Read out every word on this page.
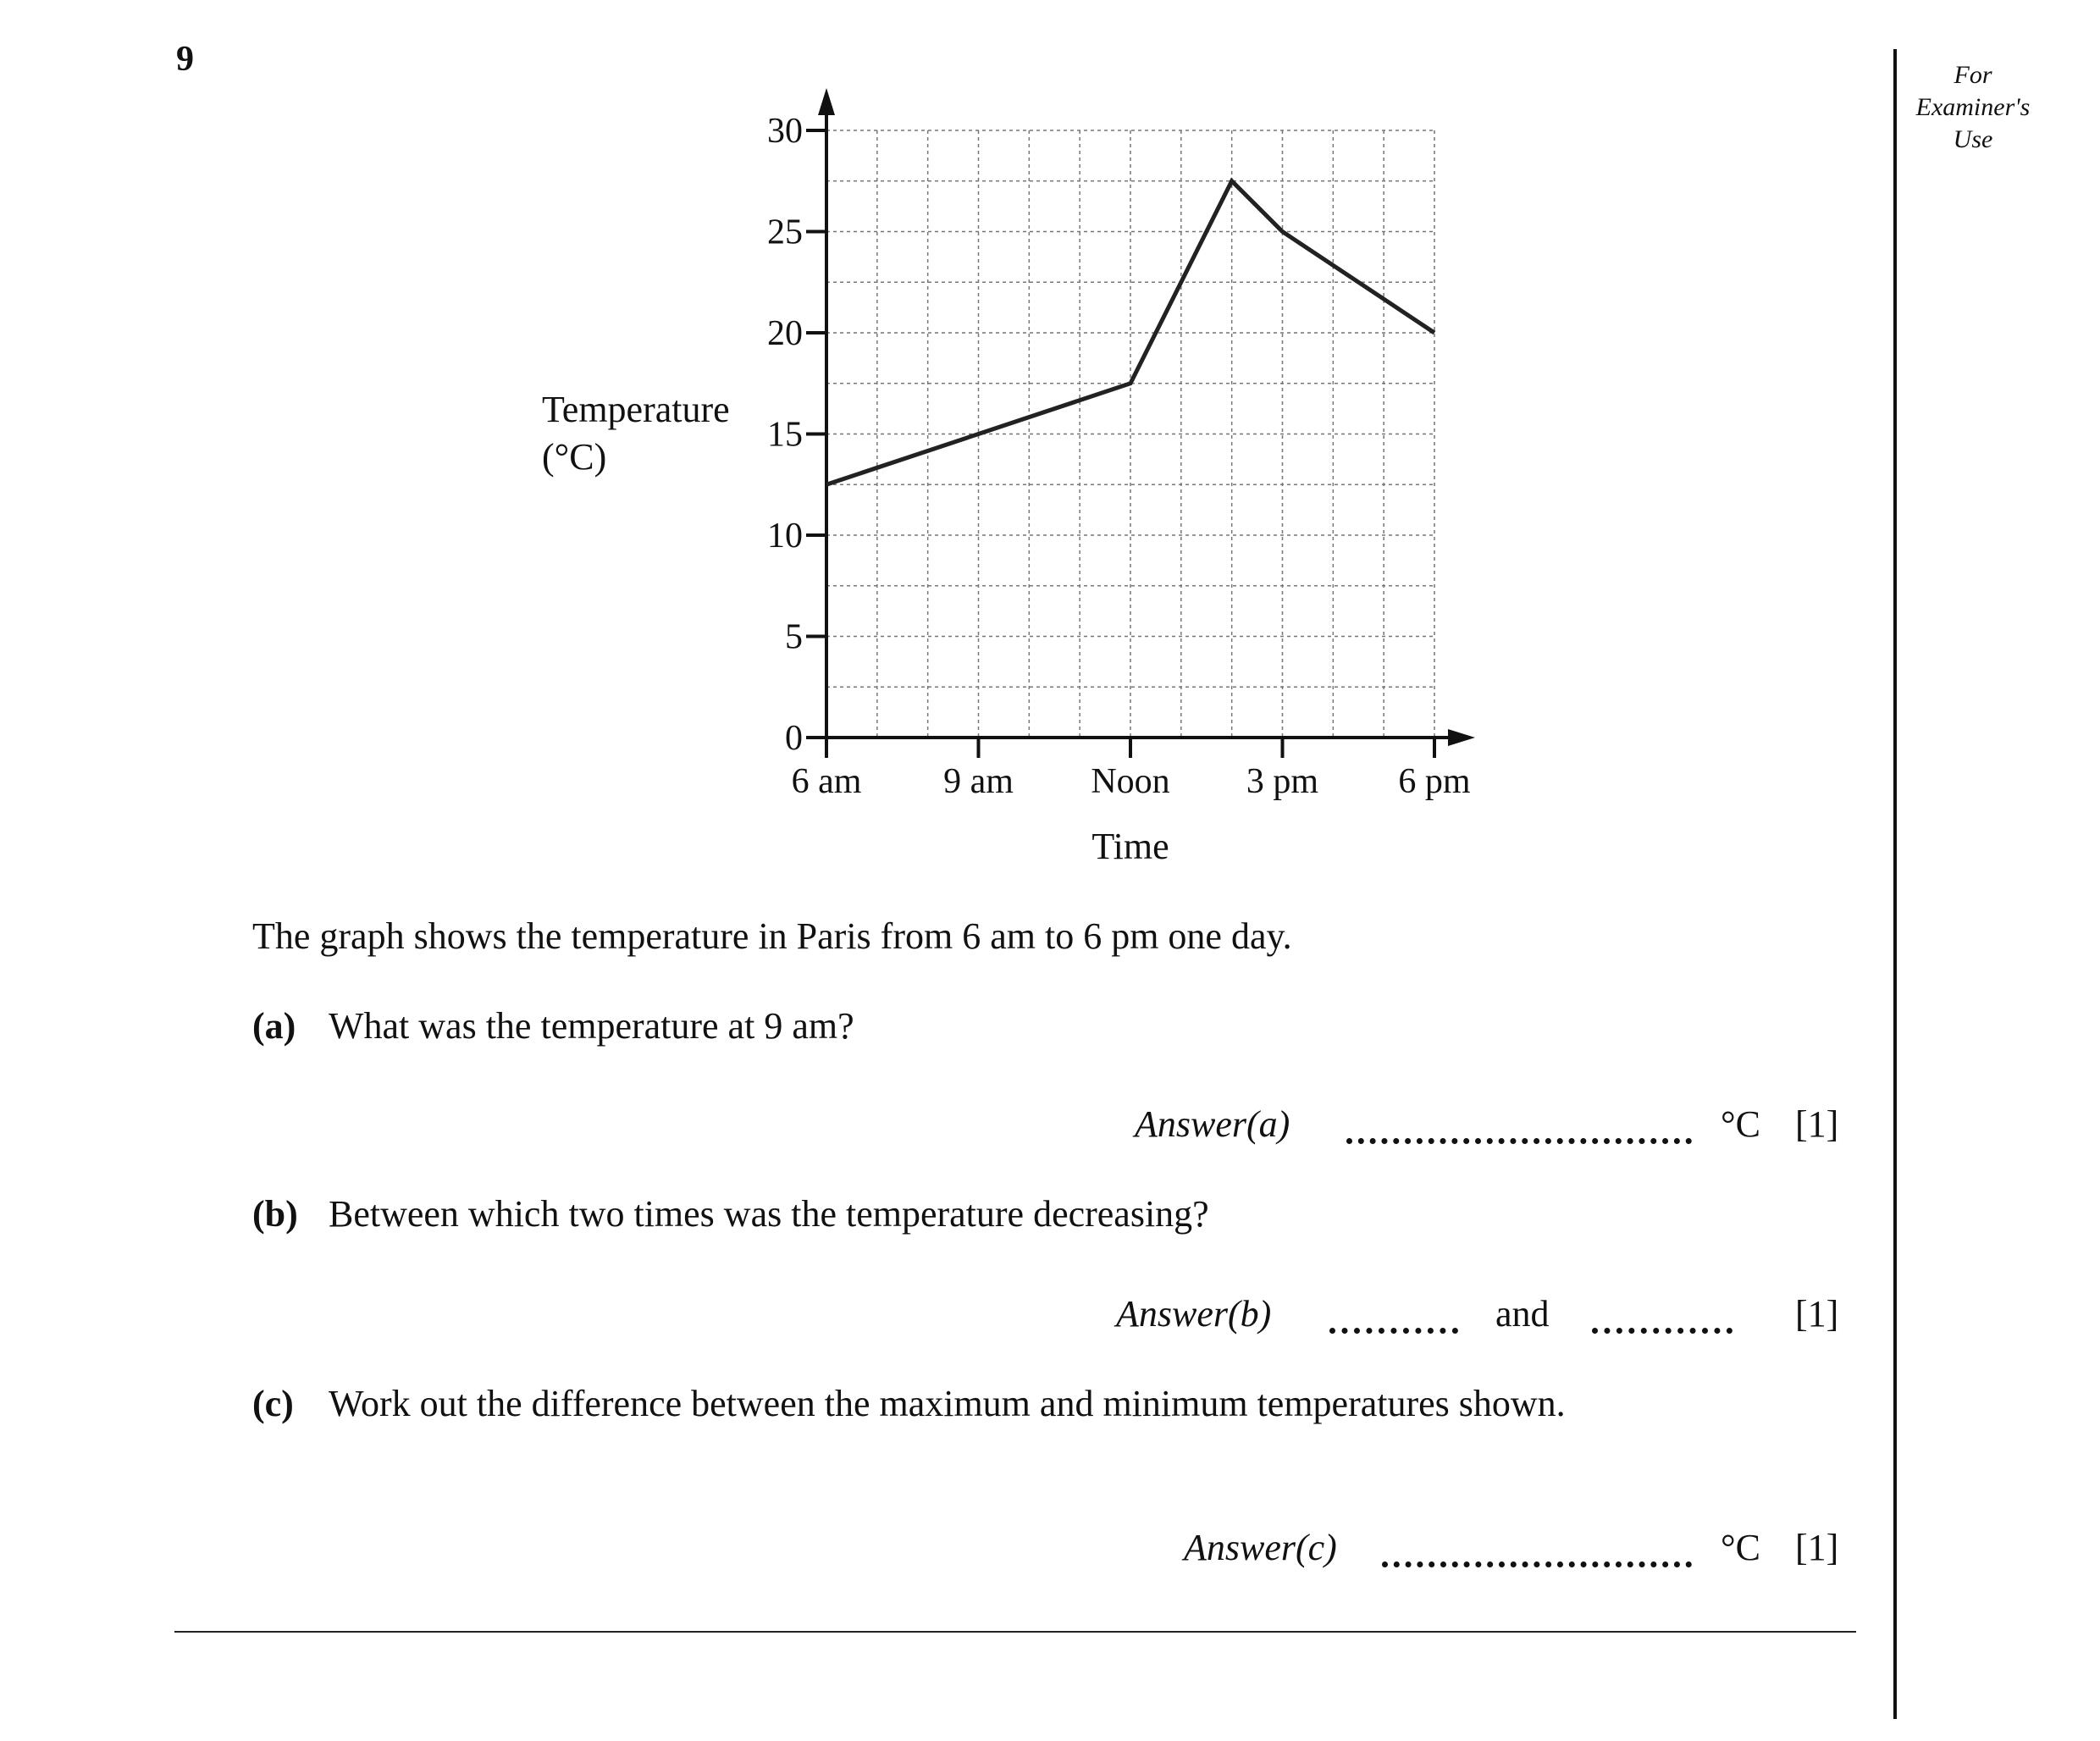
9	For
Examiner's
Use
0
5
10
15
20
25
30
6 am 9 am Noon 3 pm 6 pm
Time
Temperature
(°C)
The graph shows the temperature in Paris from 6 am to 6 pm one day.
(a) What was the temperature at 9 am?
Answer(a)	°C [1]
(b) Between which two times was the temperature decreasing?
Answer(b)	and	[1]
(c) Work out the difference between the maximum and minimum temperatures shown.
Answer(c)	°C [1]
